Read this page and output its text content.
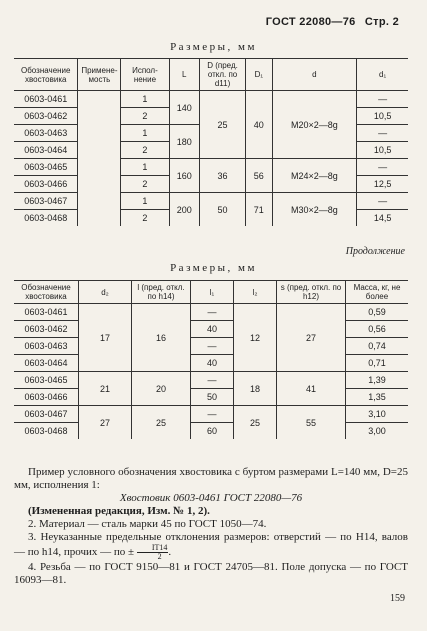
ГОСТ 22080—76 Стр. 2
Размеры, мм
Обозначение хвостовика	Примене-мость	Испол-нение	L	D (пред. откл. по d11)	D₁	d	d₁
0603-0461		1	140	25	40	M20×2—8g	—
0603-0462		2					10,5
0603-0463		1	180				—
0603-0464		2					10,5
0603-0465		1	160	36	56	M24×2—8g	—
0603-0466		2					12,5
0603-0467		1	200	50	71	M30×2—8g	—
0603-0468		2					14,5
Продолжение
Размеры, мм
Обозначение хвостовика	d₂	l (пред. откл. по h14)	l₁	l₂	s (пред. откл. по h12)	Масса, кг, не более
0603-0461	17	16	—	12	27	0,59
0603-0462			40			0,56
0603-0463			—			0,74
0603-0464			40			0,71
0603-0465	21	20	—	18	41	1,39
0603-0466			50			1,35
0603-0467	27	25	—	25	55	3,10
0603-0468			60			3,00
Пример условного обозначения хвостовика с буртом размерами L=140 мм, D=25 мм, исполнения 1:
Хвостовик 0603-0461 ГОСТ 22080—76
(Измененная редакция, Изм. № 1, 2).
2. Материал — сталь марки 45 по ГОСТ 1050—74.
3. Неуказанные предельные отклонения размеров: отверстий — по Н14, валов — по h14, прочих — по ± $\frac{IT14}{2}$ .
4. Резьба — по ГОСТ 9150—81 и ГОСТ 24705—81. Поле допуска — по ГОСТ 16093—81.
159
